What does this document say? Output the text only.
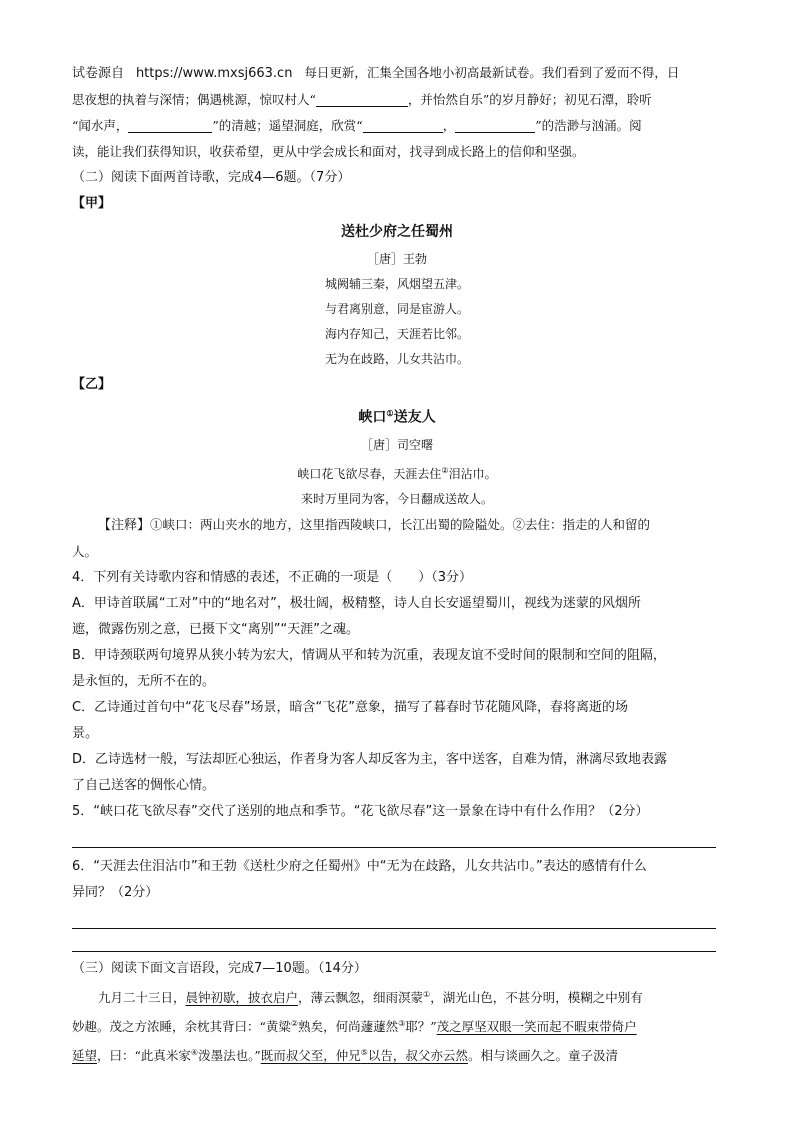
试卷源自 https://www.mxsj663.cn 每日更新，汇集全国各地小初高最新试卷。我们看到了爱而不得，日
思夜想的执着与深情；偶遇桃源，惊叹村人“	，并怡然自乐”的岁月静好；初见石潭，聆听
“闻水声，	”的清越；遥望洞庭，欣赏“	，	”的浩渺与汹涌。阅
读，能让我们获得知识，收获希望，更从中学会成长和面对，找寻到成长路上的信仰和坚强。
（二）阅读下面两首诗歌，完成4—6题。（7分）
【甲】
送杜少府之任蜀州
［唐］王勃
城阙辅三秦，风烟望五津。
与君离别意，同是宦游人。
海内存知己，天涯若比邻。
无为在歧路，儿女共沾巾。
【乙】
峡口①送友人
［唐］司空曙
峡口花飞欲尽春，天涯去住②泪沾巾。
来时万里同为客，今日翻成送故人。
【注释】①峡口：两山夹水的地方，这里指西陵峡口，长江出蜀的险隘处。②去住：指走的人和留的
人。
4．下列有关诗歌内容和情感的表述，不正确的一项是（　　）（3分）
A．甲诗首联属“工对”中的“地名对”，极壮阔，极精整，诗人自长安遥望蜀川，视线为迷蒙的风烟所
遮，微露伤别之意，已摄下文“离别”“天涯”之魂。
B．甲诗颈联两句境界从狭小转为宏大，情调从平和转为沉重，表现友谊不受时间的限制和空间的阻隔，
是永恒的，无所不在的。
C．乙诗通过首句中“花飞尽春”场景，暗含“飞花”意象，描写了暮春时节花随风降，春将离逝的场
景。
D．乙诗选材一般，写法却匠心独运，作者身为客人却反客为主，客中送客，自难为情，淋漓尽致地表露
了自己送客的惆怅心情。
5．“峡口花飞欲尽春”交代了送别的地点和季节。“花飞欲尽春”这一景象在诗中有什么作用？（2分）
6．“天涯去住泪沾巾”和王勃《送杜少府之任蜀州》中“无为在歧路，儿女共沾巾。”表达的感情有什么
异同？（2分）
（三）阅读下面文言语段，完成7—10题。（14分）
九月二十三日，晨钟初歇，披衣启户，薄云飘忽，细雨溟蒙①，湖光山色，不甚分明，模糊之中别有
妙趣。茂之方浓睡，余枕其背曰：“黄粱②熟矣，何尚蘧蘧然③耶？”茂之厚坚双眼一笑而起不暇束带倚户
延望，曰：“此真米家④泼墨法也。”既而叔父至，仲兄⑤以告，叔父亦云然。相与谈画久之。童子汲清
